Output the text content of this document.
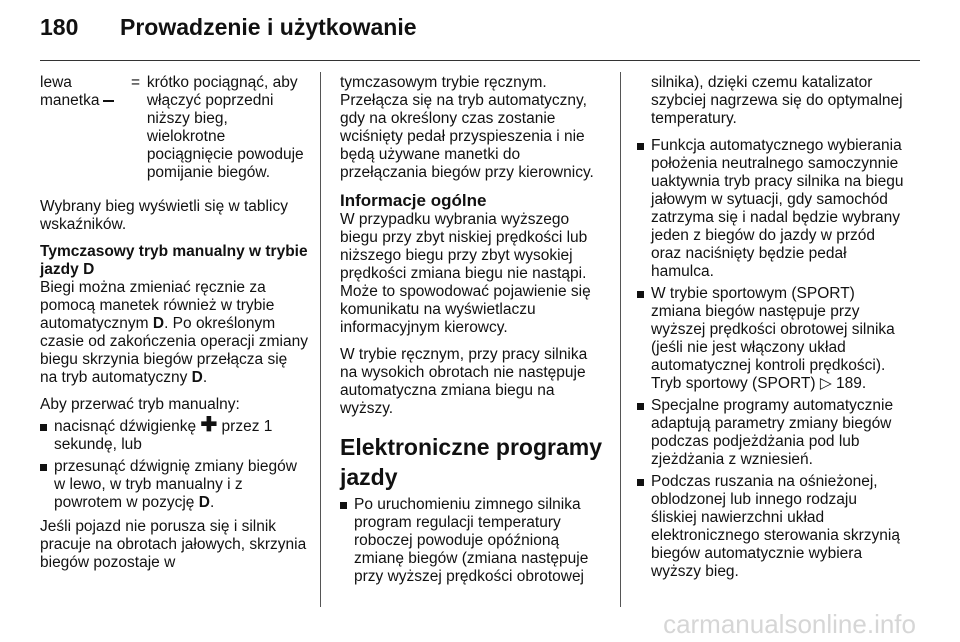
180	Prowadzenie i użytkowanie
lewa
manetka
= krótko pociągnąć, aby włączyć poprzedni niższy bieg, wielokrotne pociągnięcie powoduje pomijanie biegów.

Wybrany bieg wyświetli się w tablicy wskaźników.

Tymczasowy tryb manualny w trybie jazdy D

Biegi można zmieniać ręcznie za pomocą manetek również w trybie automatycznym D. Po określonym czasie od zakończenia operacji zmiany biegu skrzynia biegów przełącza się na tryb automatyczny D.

Aby przerwać tryb manualny:

nacisnąć dźwigienkę ✚ przez 1 sekundę, lub
przesunąć dźwignię zmiany biegów w lewo, w tryb manualny i z powrotem w pozycję D.

Jeśli pojazd nie porusza się i silnik pracuje na obrotach jałowych, skrzynia biegów pozostaje w

tymczasowym trybie ręcznym. Przełącza się na tryb automatyczny, gdy na określony czas zostanie wciśnięty pedał przyspieszenia i nie będą używane manetki do przełączania biegów przy kierownicy.

Informacje ogólne

W przypadku wybrania wyższego biegu przy zbyt niskiej prędkości lub niższego biegu przy zbyt wysokiej prędkości zmiana biegu nie nastąpi. Może to spowodować pojawienie się komunikatu na wyświetlaczu informacyjnym kierowcy.

W trybie ręcznym, przy pracy silnika na wysokich obrotach nie następuje automatyczna zmiana biegu na wyższy.

Elektroniczne programy jazdy
Po uruchomieniu zimnego silnika program regulacji temperatury roboczej powoduje opóźnioną zmianę biegów (zmiana następuje przy wyższej prędkości obrotowej

silnika), dzięki czemu katalizator szybciej nagrzewa się do optymalnej temperatury.

Funkcja automatycznego wybierania położenia neutralnego samoczynnie uaktywnia tryb pracy silnika na biegu jałowym w sytuacji, gdy samochód zatrzyma się i nadal będzie wybrany jeden z biegów do jazdy w przód oraz naciśnięty będzie pedał hamulca.
W trybie sportowym (SPORT) zmiana biegów następuje przy wyższej prędkości obrotowej silnika (jeśli nie jest włączony układ automatycznej kontroli prędkości). Tryb sportowy (SPORT) ▷ 189.
Specjalne programy automatycznie adaptują parametry zmiany biegów podczas podjeżdżania pod lub zjeżdżania z wzniesień.
Podczas ruszania na ośnieżonej, oblodzonej lub innego rodzaju śliskiej nawierzchni układ elektronicznego sterowania skrzynią biegów automatycznie wybiera wyższy bieg.
carmanualsonline.info
